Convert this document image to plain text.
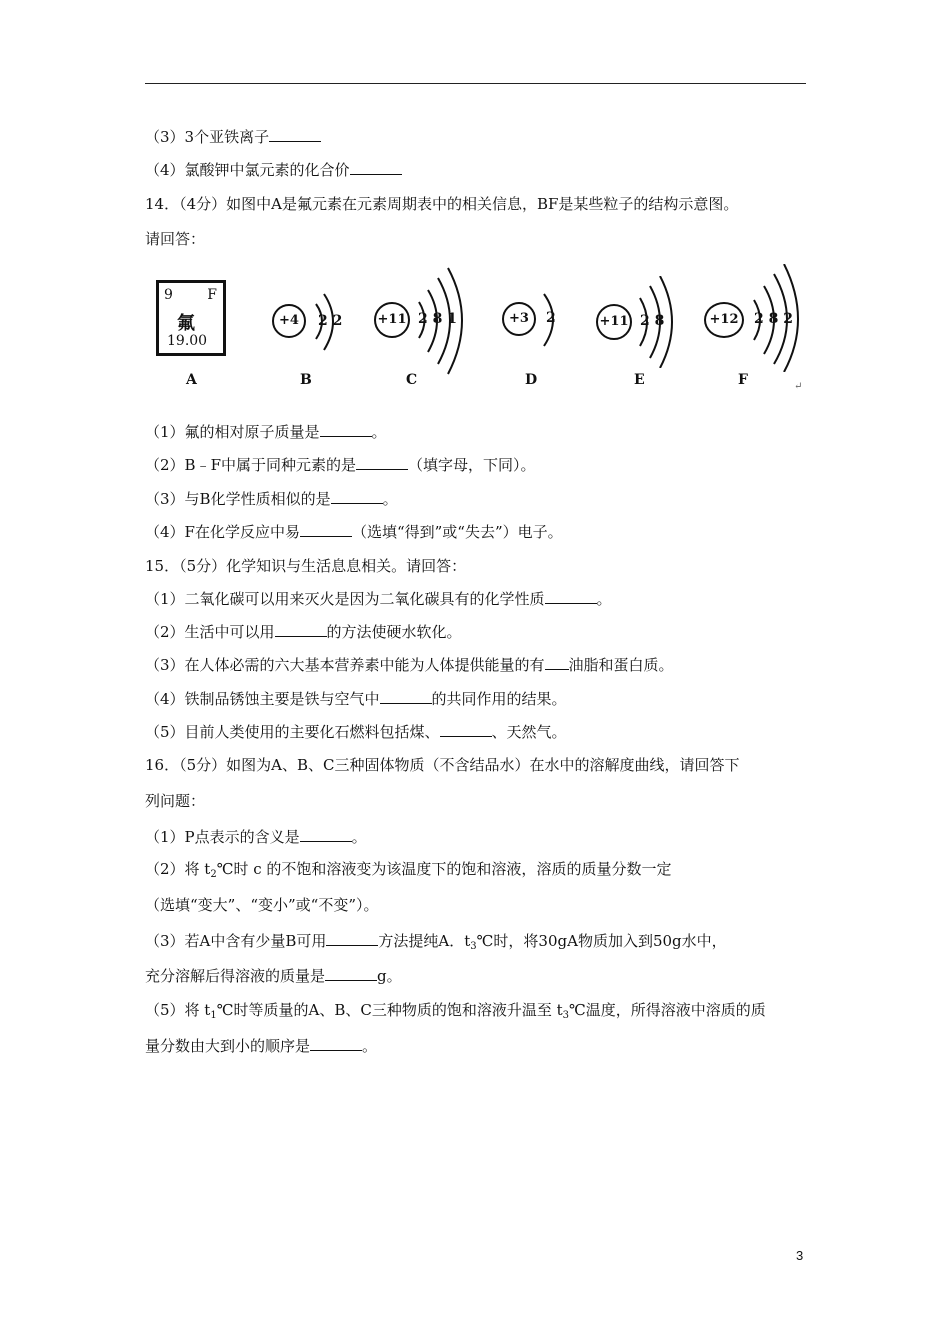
（3）3个亚铁离子
（4）氯酸钾中氯元素的化合价
14．（4分）如图中A是氟元素在元素周期表中的相关信息，BF是某些粒子的结构示意图。
请回答：
9 F
氟
19.00
A
+4	2 2
B
+11 2 8 1
C
+3	2
D
+11 2 8
E
+12	2 8 2
F	↵
（1）氟的相对原子质量是	。
（2）B﹣F中属于同种元素的是	（填字母，下同）。
（3）与B化学性质相似的是	。
（4）F在化学反应中易	（选填“得到”或“失去”）电子。
15．（5分）化学知识与生活息息相关。请回答：
（1）二氧化碳可以用来灭火是因为二氧化碳具有的化学性质	。
（2）生活中可以用	的方法使硬水软化。
（3）在人体必需的六大基本营养素中能为人体提供能量的有 油脂和蛋白质。
（4）铁制品锈蚀主要是铁与空气中	的共同作用的结果。
（5）目前人类使用的主要化石燃料包括煤、	、天然气。
16．（5分）如图为A、B、C三种固体物质（不含结品水）在水中的溶解度曲线，请回答下
列问题：
（1）P点表示的含义是	。
（2）将 $t_2℃$时 c 的不饱和溶液变为该温度下的饱和溶液，溶质的质量分数一定
（选填“变大”、“变小”或“不变”）。
（3）若A中含有少量B可用	方法提纯A．$t_3℃$时，将30gA物质加入到50g水中，
充分溶解后得溶液的质量是	g。
（5）将 $t_1℃$时等质量的A、B、C三种物质的饱和溶液升温至 $t_3℃$温度，所得溶液中溶质的质
量分数由大到小的顺序是	。
3
